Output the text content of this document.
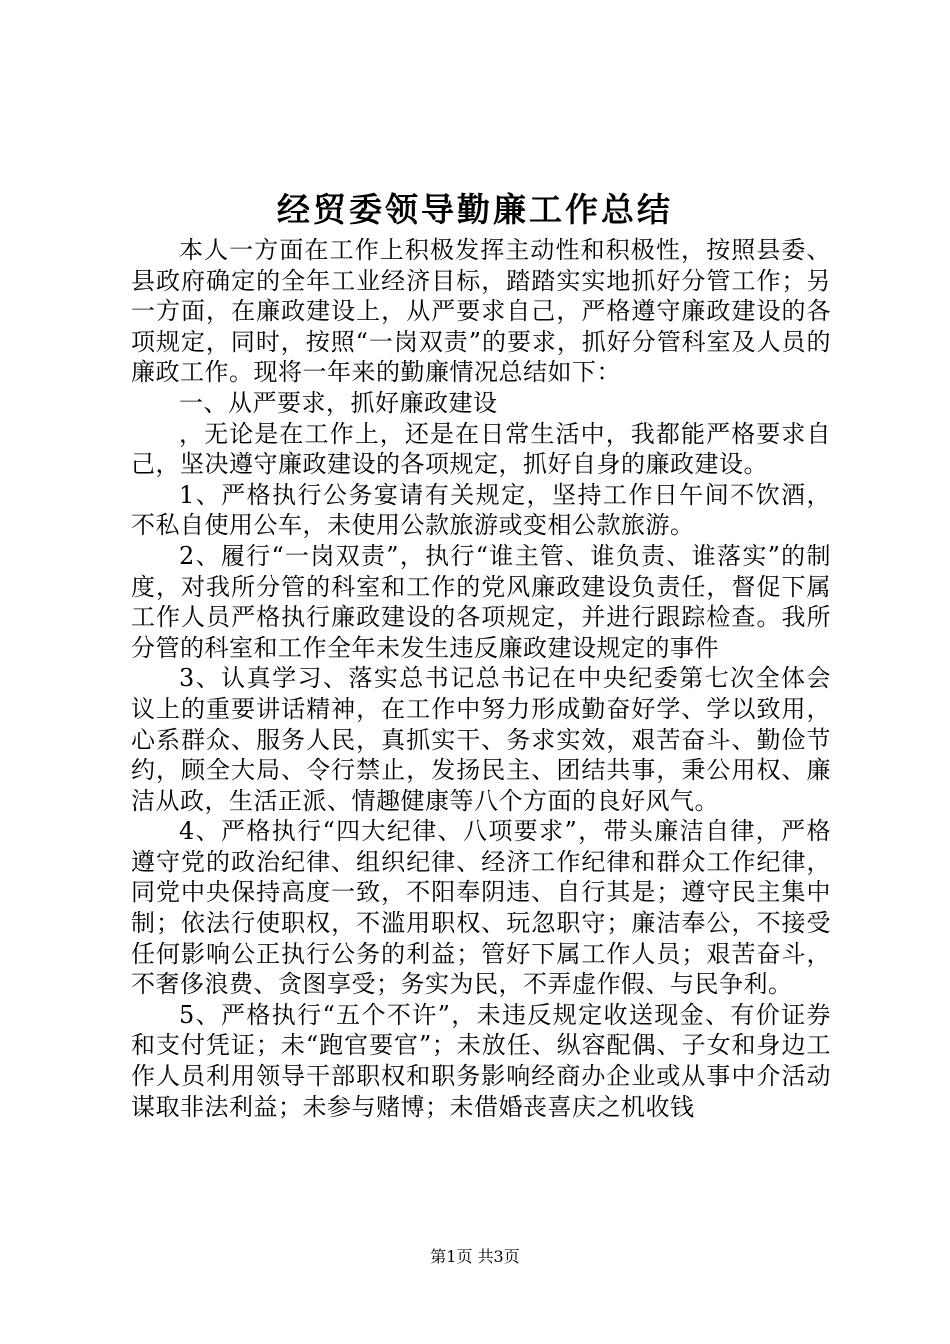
经贸委领导勤廉工作总结

本人一方面在工作上积极发挥主动性和积极性，按照县委、县政府确定的全年工业经济目标，踏踏实实地抓好分管工作；另一方面，在廉政建设上，从严要求自己，严格遵守廉政建设的各项规定，同时，按照“一岗双责”的要求，抓好分管科室及人员的廉政工作。现将一年来的勤廉情况总结如下：

一、从严要求，抓好廉政建设

，无论是在工作上，还是在日常生活中，我都能严格要求自己，坚决遵守廉政建设的各项规定，抓好自身的廉政建设。

1、严格执行公务宴请有关规定，坚持工作日午间不饮酒，不私自使用公车，未使用公款旅游或变相公款旅游。

2、履行“一岗双责”，执行“谁主管、谁负责、谁落实”的制度，对我所分管的科室和工作的党风廉政建设负责任，督促下属工作人员严格执行廉政建设的各项规定，并进行跟踪检查。我所分管的科室和工作全年未发生违反廉政建设规定的事件

3、认真学习、落实总书记总书记在中央纪委第七次全体会议上的重要讲话精神，在工作中努力形成勤奋好学、学以致用，心系群众、服务人民，真抓实干、务求实效，艰苦奋斗、勤俭节约，顾全大局、令行禁止，发扬民主、团结共事，秉公用权、廉洁从政，生活正派、情趣健康等八个方面的良好风气。

4、严格执行“四大纪律、八项要求”，带头廉洁自律，严格遵守党的政治纪律、组织纪律、经济工作纪律和群众工作纪律，同党中央保持高度一致，不阳奉阴违、自行其是；遵守民主集中制；依法行使职权，不滥用职权、玩忽职守；廉洁奉公，不接受任何影响公正执行公务的利益；管好下属工作人员；艰苦奋斗，不奢侈浪费、贪图享受；务实为民，不弄虚作假、与民争利。

5、严格执行“五个不许”，未违反规定收送现金、有价证券和支付凭证；未“跑官要官”；未放任、纵容配偶、子女和身边工作人员利用领导干部职权和职务影响经商办企业或从事中介活动谋取非法利益；未参与赌博；未借婚丧喜庆之机收钱

第1页 共3页
